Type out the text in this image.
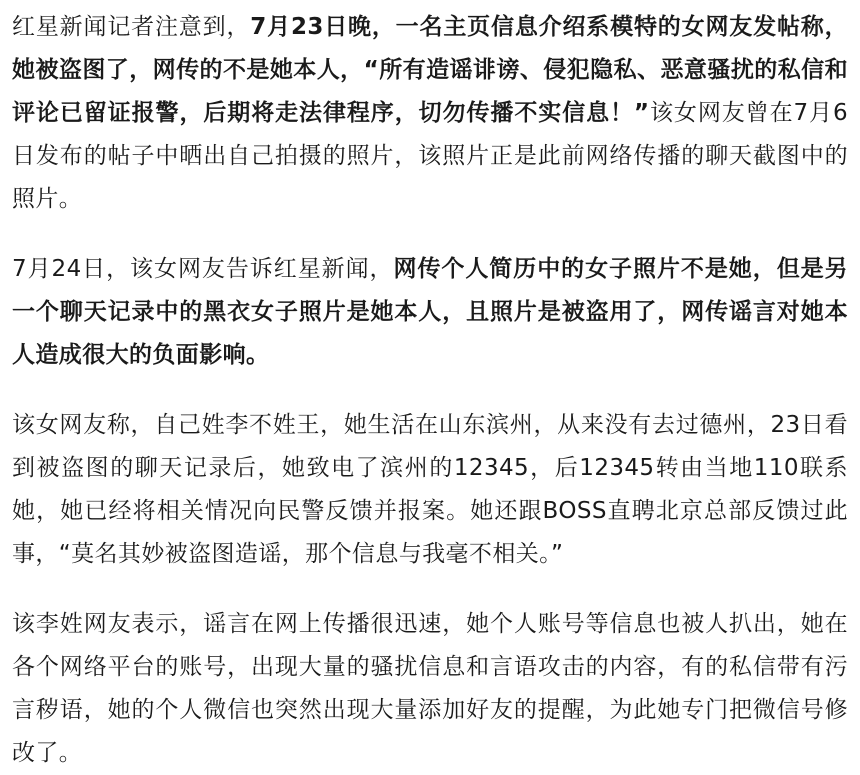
红星新闻记者注意到，7月23日晚，一名主页信息介绍系模特的女网友发帖称，她被盗图了，网传的不是她本人，“所有造谣诽谤、侵犯隐私、恶意骚扰的私信和评论已留证报警，后期将走法律程序，切勿传播不实信息！”该女网友曾在7月6日发布的帖子中晒出自己拍摄的照片，该照片正是此前网络传播的聊天截图中的照片。

7月24日，该女网友告诉红星新闻，网传个人简历中的女子照片不是她，但是另一个聊天记录中的黑衣女子照片是她本人，且照片是被盗用了，网传谣言对她本人造成很大的负面影响。

该女网友称，自己姓李不姓王，她生活在山东滨州，从来没有去过德州，23日看到被盗图的聊天记录后，她致电了滨州的12345，后12345转由当地110联系她，她已经将相关情况向民警反馈并报案。她还跟BOSS直聘北京总部反馈过此事，“莫名其妙被盗图造谣，那个信息与我毫不相关。”

该李姓网友表示，谣言在网上传播很迅速，她个人账号等信息也被人扒出，她在各个网络平台的账号，出现大量的骚扰信息和言语攻击的内容，有的私信带有污言秽语，她的个人微信也突然出现大量添加好友的提醒，为此她专门把微信号修改了。
